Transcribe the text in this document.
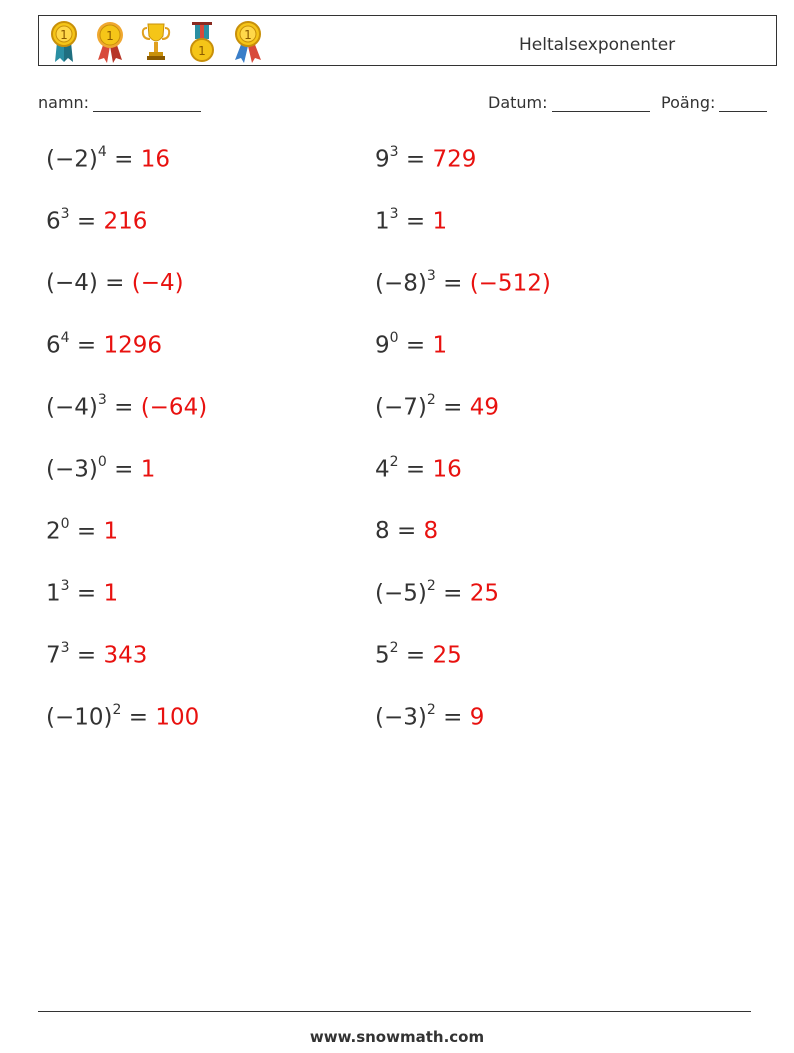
1	1
1
1	Heltalsexponenter
namn:	Datum:	Poäng:
$(-2)^4 = 16$	$9^3 = 729$
$6^3 = 216$	$1^3 = 1$
(−4) = (−4)	$(-8)^3 = (-512)$
$6^4 = 1296$	$9^0 = 1$
$(-4)^3 = (-64)$	$(-7)^2 = 49$
$(-3)^0 = 1$	$4^2 = 16$
$2^0 = 1$	8 = 8
$1^3 = 1$	$(-5)^2 = 25$
$7^3 = 343$	$5^2 = 25$
$(-10)^2 = 100$	$(-3)^2 = 9$
www.snowmath.com
